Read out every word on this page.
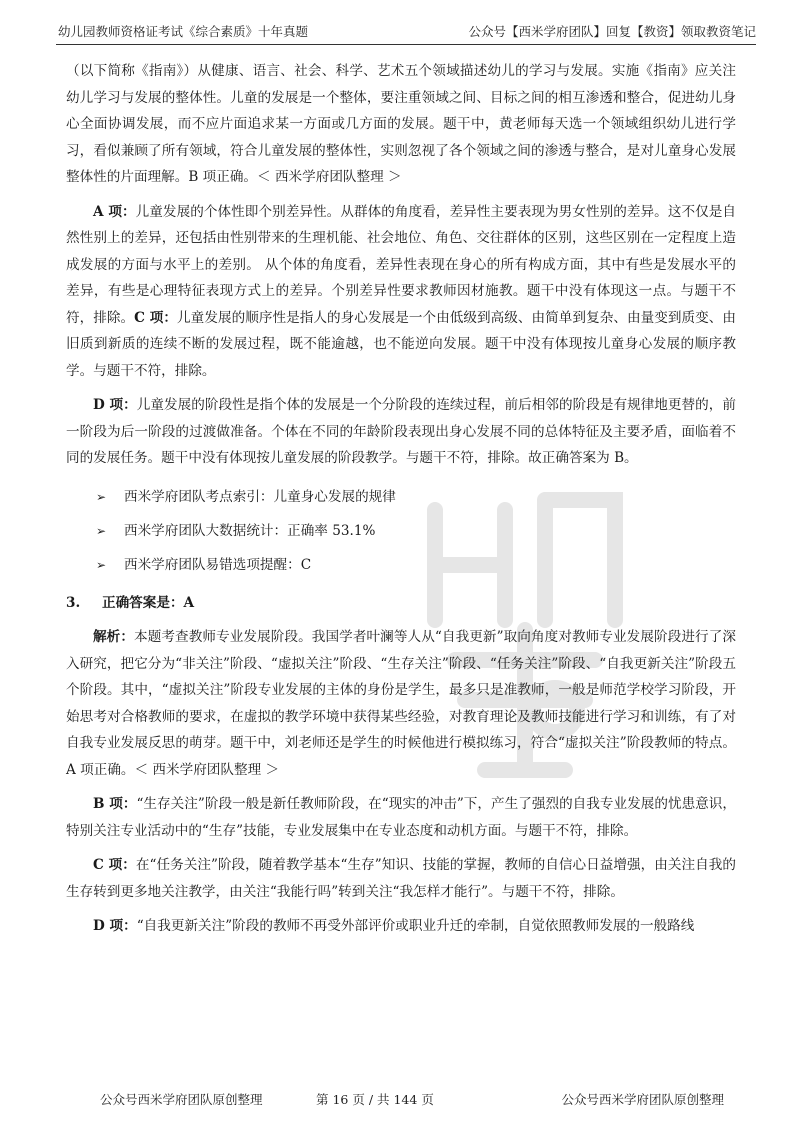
幼儿园教师资格证考试《综合素质》十年真题	公众号【西米学府团队】回复【教资】领取教资笔记

（以下简称《指南》）从健康、语言、社会、科学、艺术五个领域描述幼儿的学习与发展。实施《指南》应关注幼儿学习与发展的整体性。儿童的发展是一个整体，要注重领域之间、目标之间的相互渗透和整合，促进幼儿身心全面协调发展，而不应片面追求某一方面或几方面的发展。题干中，黄老师每天选一个领域组织幼儿进行学习，看似兼顾了所有领域，符合儿童发展的整体性，实则忽视了各个领域之间的渗透与整合，是对儿童身心发展整体性的片面理解。B 项正确。＜ 西米学府团队整理 ＞

A 项：儿童发展的个体性即个别差异性。从群体的角度看，差异性主要表现为男女性别的差异。这不仅是自然性别上的差异，还包括由性别带来的生理机能、社会地位、角色、交往群体的区别，这些区别在一定程度上造成发展的方面与水平上的差别。 从个体的角度看，差异性表现在身心的所有构成方面，其中有些是发展水平的差异，有些是心理特征表现方式上的差异。个别差异性要求教师因材施教。题干中没有体现这一点。与题干不符，排除。C 项：儿童发展的顺序性是指人的身心发展是一个由低级到高级、由简单到复杂、由量变到质变、由旧质到新质的连续不断的发展过程，既不能逾越，也不能逆向发展。题干中没有体现按儿童身心发展的顺序教学。与题干不符，排除。

D 项：儿童发展的阶段性是指个体的发展是一个分阶段的连续过程，前后相邻的阶段是有规律地更替的，前一阶段为后一阶段的过渡做准备。个体在不同的年龄阶段表现出身心发展不同的总体特征及主要矛盾，面临着不同的发展任务。题干中没有体现按儿童发展的阶段教学。与题干不符，排除。故正确答案为 B。

➢ 西米学府团队考点索引：儿童身心发展的规律
➢ 西米学府团队大数据统计：正确率 53.1%
➢ 西米学府团队易错选项提醒：C

3. 正确答案是：A

解析：本题考查教师专业发展阶段。我国学者叶澜等人从“自我更新”取向角度对教师专业发展阶段进行了深入研究，把它分为“非关注”阶段、“虚拟关注”阶段、“生存关注”阶段、“任务关注”阶段、“自我更新关注”阶段五个阶段。其中，“虚拟关注”阶段专业发展的主体的身份是学生，最多只是准教师，一般是师范学校学习阶段，开始思考对合格教师的要求，在虚拟的教学环境中获得某些经验，对教育理论及教师技能进行学习和训练，有了对自我专业发展反思的萌芽。题干中，刘老师还是学生的时候他进行模拟练习，符合“虚拟关注”阶段教师的特点。A 项正确。＜ 西米学府团队整理 ＞

B 项：“生存关注”阶段一般是新任教师阶段，在“现实的冲击”下，产生了强烈的自我专业发展的忧患意识，特别关注专业活动中的“生存”技能，专业发展集中在专业态度和动机方面。与题干不符，排除。

C 项：在“任务关注”阶段，随着教学基本“生存”知识、技能的掌握，教师的自信心日益增强，由关注自我的生存转到更多地关注教学，由关注“我能行吗”转到关注“我怎样才能行”。与题干不符，排除。

D 项：“自我更新关注”阶段的教师不再受外部评价或职业升迁的牵制，自觉依照教师发展的一般路线

公众号西米学府团队原创整理	第 16 页 / 共 144 页	公众号西米学府团队原创整理
